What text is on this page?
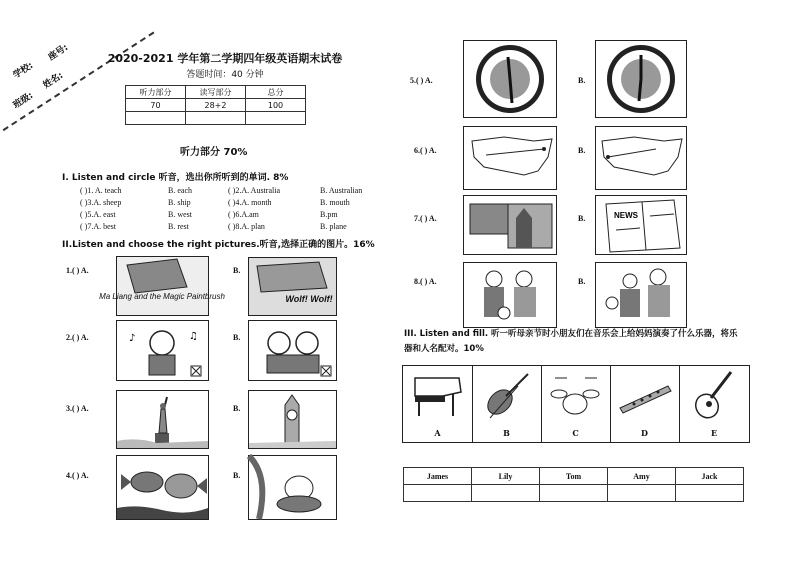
学校:
座号:
班级:
姓名:
2020-2021 学年第二学期四年级英语期末试卷
答题时间：40 分钟
听力部分	读写部分	总分
70	28+2	100

听力部分 70%
I. Listen and circle 听音，选出你所听到的单词. 8%
( )1. A. teach	B. each	( )2.A. Australia	B. Australian
( )3.A. sheep	B. ship	( )4.A. month	B. mouth
( )5.A. east	B. west	( )6.A.am	B.pm
( )7.A. best	B. rest	( )8.A. plan	B. plane
II.Listen and choose the right pictures.听音,选择正确的图片。16%
1.( ) A.
Ma Liang and the Magic Paintbrush
B.
Wolf! Wolf!
2.( ) A.	♪	♫	B.
3.( ) A.	B.
4.( ) A.	B.
5.( ) A.	B.
6.( ) A.	B.
7.( ) A.	B.	NEWS
8.( ) A.	B.
III. Listen and fill. 听一听母亲节时小朋友们在音乐会上给妈妈演奏了什么乐器，将乐
器和人名配对。10%
A	B	C	D	E
James	Lily	Tom	Amy	Jack
